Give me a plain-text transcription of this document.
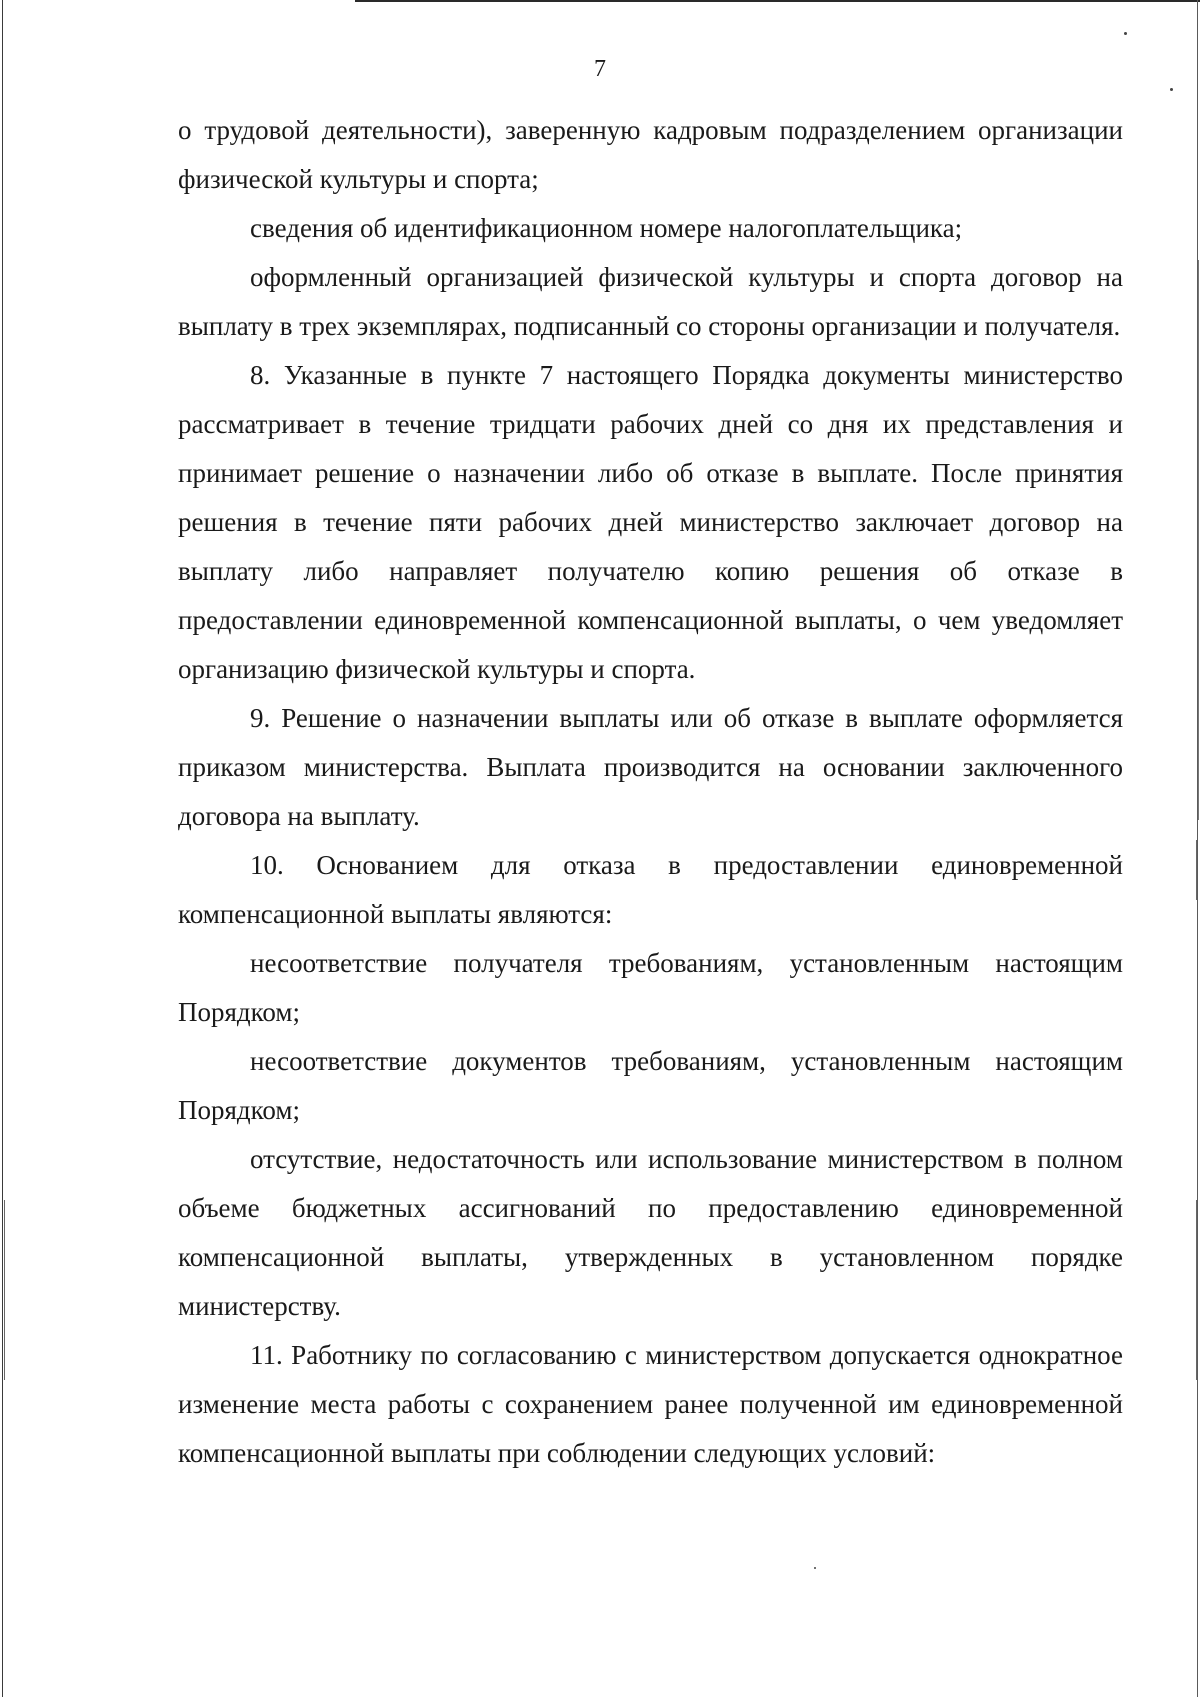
7

о трудовой деятельности), заверенную кадровым подразделением организации физической культуры и спорта;

сведения об идентификационном номере налогоплательщика;

оформленный организацией физической культуры и спорта договор на выплату в трех экземплярах, подписанный со стороны организации и получателя.

8. Указанные в пункте 7 настоящего Порядка документы министерство рассматривает в течение тридцати рабочих дней со дня их представления и принимает решение о назначении либо об отказе в выплате. После принятия решения в течение пяти рабочих дней министерство заключает договор на выплату либо направляет получателю копию решения об отказе в предоставлении единовременной компенсационной выплаты, о чем уведомляет организацию физической культуры и спорта.

9. Решение о назначении выплаты или об отказе в выплате оформляется приказом министерства. Выплата производится на основании заключенного договора на выплату.

10. Основанием для отказа в предоставлении единовременной компенсационной выплаты являются:

несоответствие получателя требованиям, установленным настоящим Порядком;

несоответствие документов требованиям, установленным настоящим Порядком;

отсутствие, недостаточность или использование министерством в полном объеме бюджетных ассигнований по предоставлению единовременной компенсационной выплаты, утвержденных в установленном порядке министерству.

11. Работнику по согласованию с министерством допускается однократное изменение места работы с сохранением ранее полученной им единовременной компенсационной выплаты при соблюдении следующих условий:
